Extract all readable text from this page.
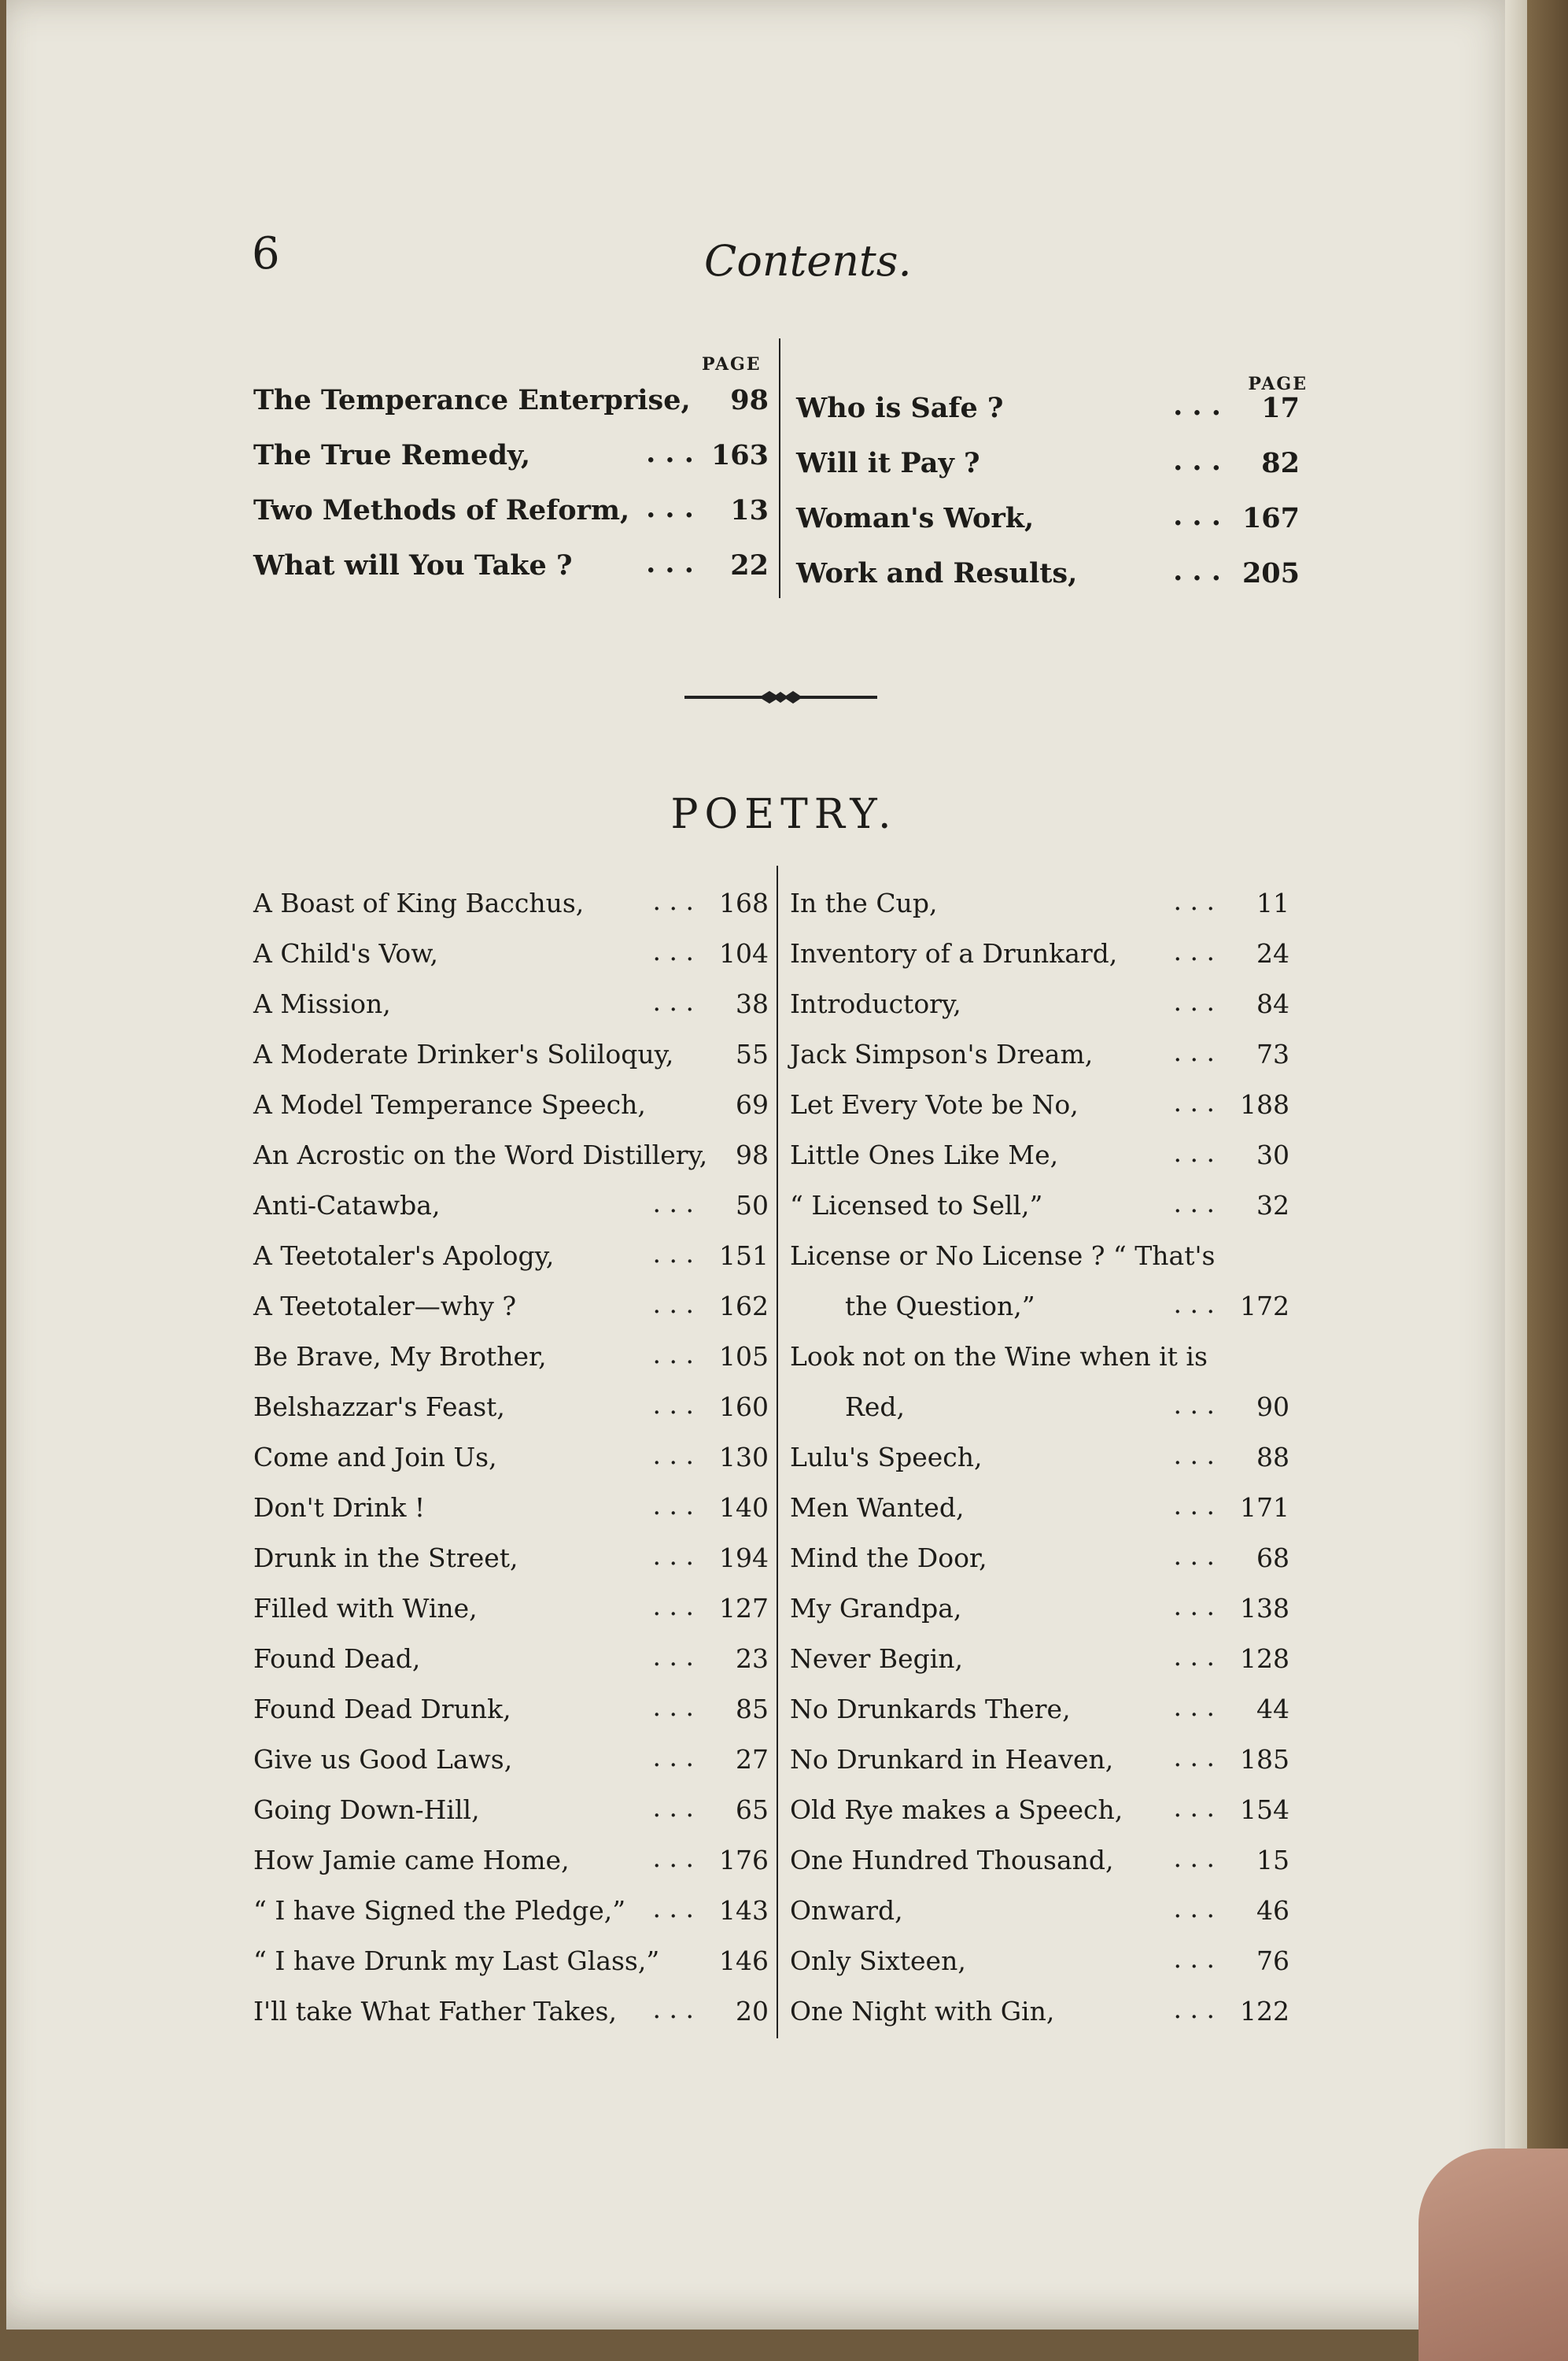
6	Contents.
PAGE
The Temperance Enterprise,	98
The True Remedy,	. . . 163
Two Methods of Reform, . . .	13
What will You Take ?	. . .	22
PAGE
Who is Safe ?	. . .	17
Will it Pay ?	. . .	82
Woman's Work,	. . . 167
Work and Results,	. . . 205
POETRY.
A Boast of King Bacchus,	. . . 168
A Child's Vow,	. . . 104
A Mission,	. . .	38
A Moderate Drinker's Soliloquy,	55
A Model Temperance Speech,	69
An Acrostic on the Word Distillery,	98
Anti-Catawba,	. . .	50
A Teetotaler's Apology,	. . . 151
A Teetotaler—why ?	. . . 162
Be Brave, My Brother,	. . . 105
Belshazzar's Feast,	. . . 160
Come and Join Us,	. . . 130
Don't Drink !	. . . 140
Drunk in the Street,	. . . 194
Filled with Wine,	. . . 127
Found Dead,	. . .	23
Found Dead Drunk,	. . .	85
Give us Good Laws,	. . .	27
Going Down-Hill,	. . .	65
How Jamie came Home,	. . . 176
“ I have Signed the Pledge,” . . . 143
“ I have Drunk my Last Glass,”	146
I'll take What Father Takes, . . .	20
In the Cup,	. . .	11
Inventory of a Drunkard, . . .	24
Introductory,	. . .	84
Jack Simpson's Dream,	. . .	73
Let Every Vote be No,	. . . 188
Little Ones Like Me,	. . .	30
“ Licensed to Sell,”	. . .	32
License or No License ? “ That's
the Question,”	. . . 172
Look not on the Wine when it is
Red,	. . .	90
Lulu's Speech,	. . .	88
Men Wanted,	. . . 171
Mind the Door,	. . .	68
My Grandpa,	. . . 138
Never Begin,	. . . 128
No Drunkards There,	. . .	44
No Drunkard in Heaven, . . . 185
Old Rye makes a Speech, . . . 154
One Hundred Thousand, . . .	15
Onward,	. . .	46
Only Sixteen,	. . .	76
One Night with Gin,	. . . 122
